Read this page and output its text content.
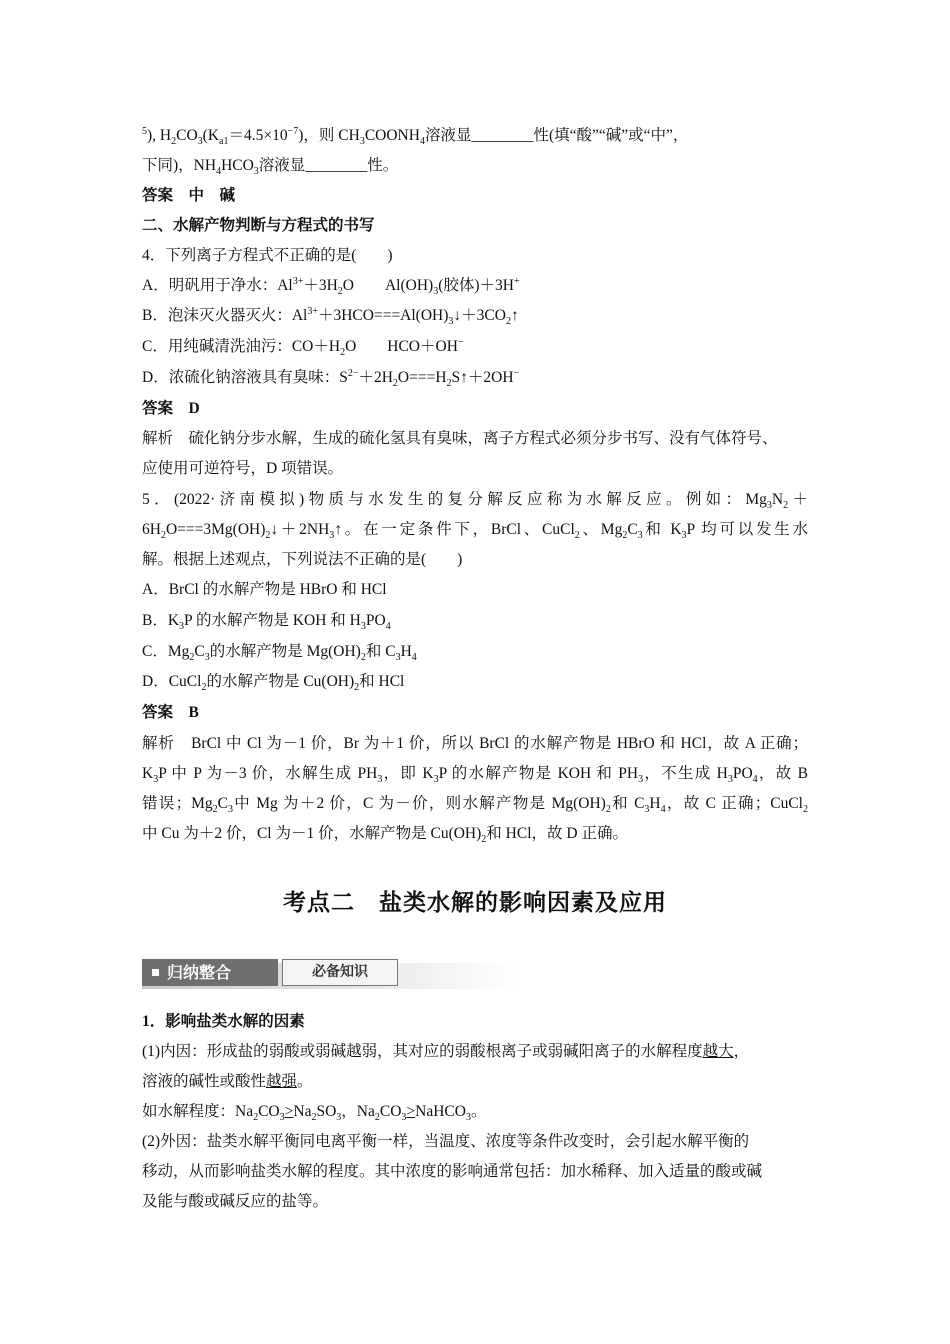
$^5$), $H_2CO_3(K_{a1}=4.5\times 10^{-7})$，则 $CH_3COONH_4$溶液显________性(填“酸”“碱”或“中”，
下同)，$NH_4HCO_3$溶液显________性。
答案　中　碱
二、水解产物判断与方程式的书写
4．下列离子方程式不正确的是(　　)
A．明矾用于净水：$Al^{3+}+3H_2O$　　$Al(OH)_3$(胶体)＋3H+
B．泡沫灭火器灭火：$Al^{3+}+3HCO===Al(OH)_3↓+3CO_2↑$
C．用纯碱清洗油污：$CO+H_2O$　　HCO＋OH−
D．浓硫化钠溶液具有臭味：$S^{2-}+2H_2O===H_2S↑+2OH^-$
答案　D
解析　硫化钠分步水解，生成的硫化氢具有臭味，离子方程式必须分步书写、没有气体符号、
应使用可逆符号，D 项错误。
5．(2022·济南模拟)物质与水发生的复分解反应称为水解反应。例如：$Mg_3N_2+$
$6H_2O===3Mg(OH)_2↓+2NH_3↑$。在一定条件下，BrCl、CuCl$_2$、$Mg_2C_3$和 $K_3P$ 均可以发生水
解。根据上述观点，下列说法不正确的是(　　)
A．BrCl 的水解产物是 HBrO 和 HCl
B．$K_3P$ 的水解产物是 KOH 和 $H_3PO_4$
C．$Mg_2C_3$的水解产物是 $Mg(OH)_2$和 $C_3H_4$
D．CuCl$_2$的水解产物是 $Cu(OH)_2$和 HCl
答案　B
解析　BrCl 中 Cl 为－1 价，Br 为＋1 价，所以 BrCl 的水解产物是 HBrO 和 HCl，故 A 正确；
$K_3P$ 中 P 为－3 价，水解生成 $PH_3$，即 $K_3P$ 的水解产物是 KOH 和 $PH_3$，不生成 $H_3PO_4$，故 B
错误；$Mg_2C_3$中 Mg 为＋2 价，C 为－价，则水解产物是 $Mg(OH)_2$和 $C_3H_4$，故 C 正确；CuCl$_2$
中 Cu 为＋2 价，Cl 为－1 价，水解产物是 $Cu(OH)_2$和 HCl，故 D 正确。
考点二　盐类水解的影响因素及应用
归纳整合	必备知识
1．影响盐类水解的因素
(1)内因：形成盐的弱酸或弱碱越弱，其对应的弱酸根离子或弱碱阳离子的水解程度越大，
溶液的碱性或酸性越强。
如水解程度：$Na_2CO_3>Na_2SO_3$，$Na_2CO_3>NaHCO_3$。
(2)外因：盐类水解平衡同电离平衡一样，当温度、浓度等条件改变时，会引起水解平衡的
移动，从而影响盐类水解的程度。其中浓度的影响通常包括：加水稀释、加入适量的酸或碱
及能与酸或碱反应的盐等。
